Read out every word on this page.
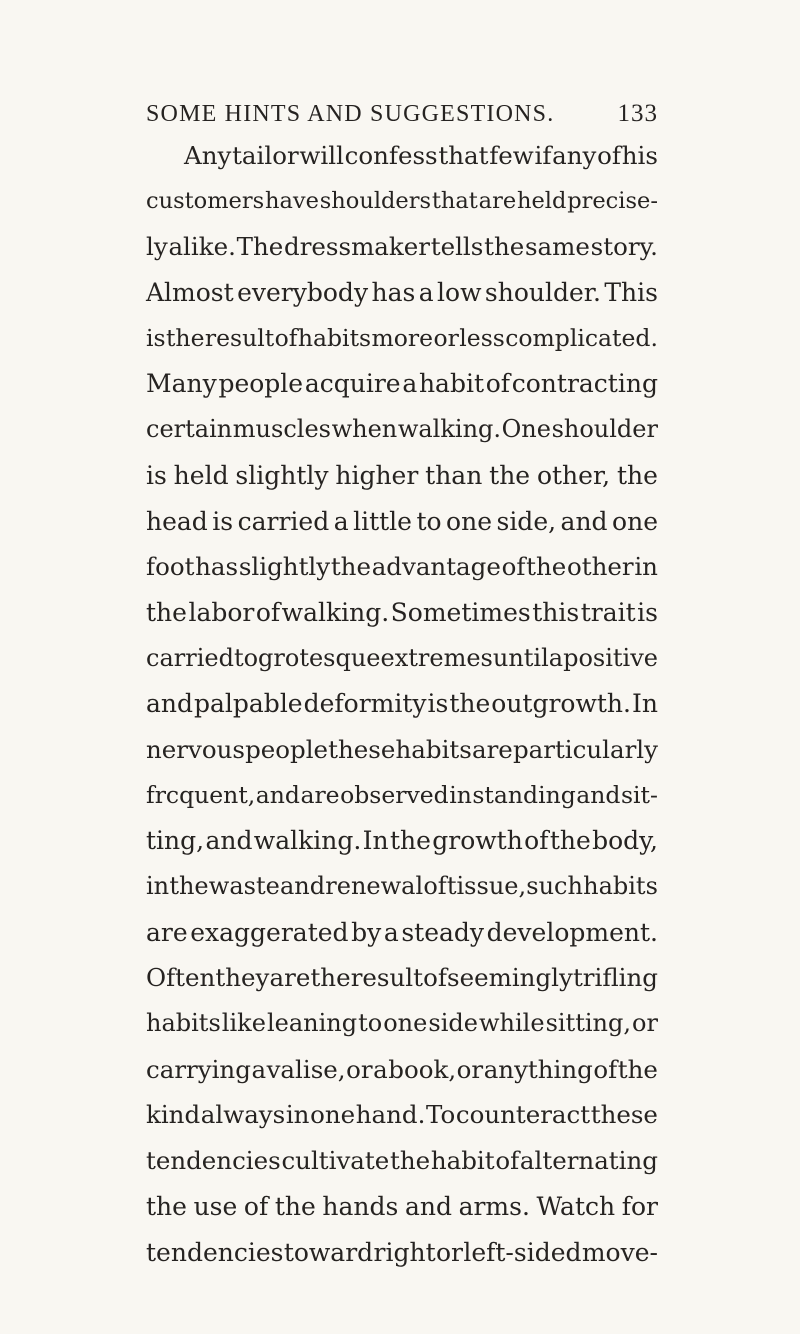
SOME HINTS AND SUGGESTIONS.	133
Any tailor will confess that few if any of his
customers have shoulders that are held precise-
ly alike. The dressmaker tells the same story.
Almost everybody has a low shoulder. This
is the result of habits more or less complicated.
Many people acquire a habit of contracting
certain muscles when walking. One shoulder
is held slightly higher than the other, the
head is carried a little to one side, and one
foot has slightly the advantage of the other in
the labor of walking. Sometimes this trait is
carried to grotesque extremes until a positive
and palpable deformity is the outgrowth. In
nervous people these habits are particularly
frcquent, and are observed in standing and sit-
ting, and walking. In the growth of the body,
in the waste and renewal of tissue, such habits
are exaggerated by a steady development.
Often they are the result of seemingly trifling
habits like leaning to one side while sitting, or
carrying a valise, or a book, or anything of the
kind always in one hand. To counteract these
tendencies cultivate the habit of alternating
the use of the hands and arms. Watch for
tendencies toward right or left-sided move-
